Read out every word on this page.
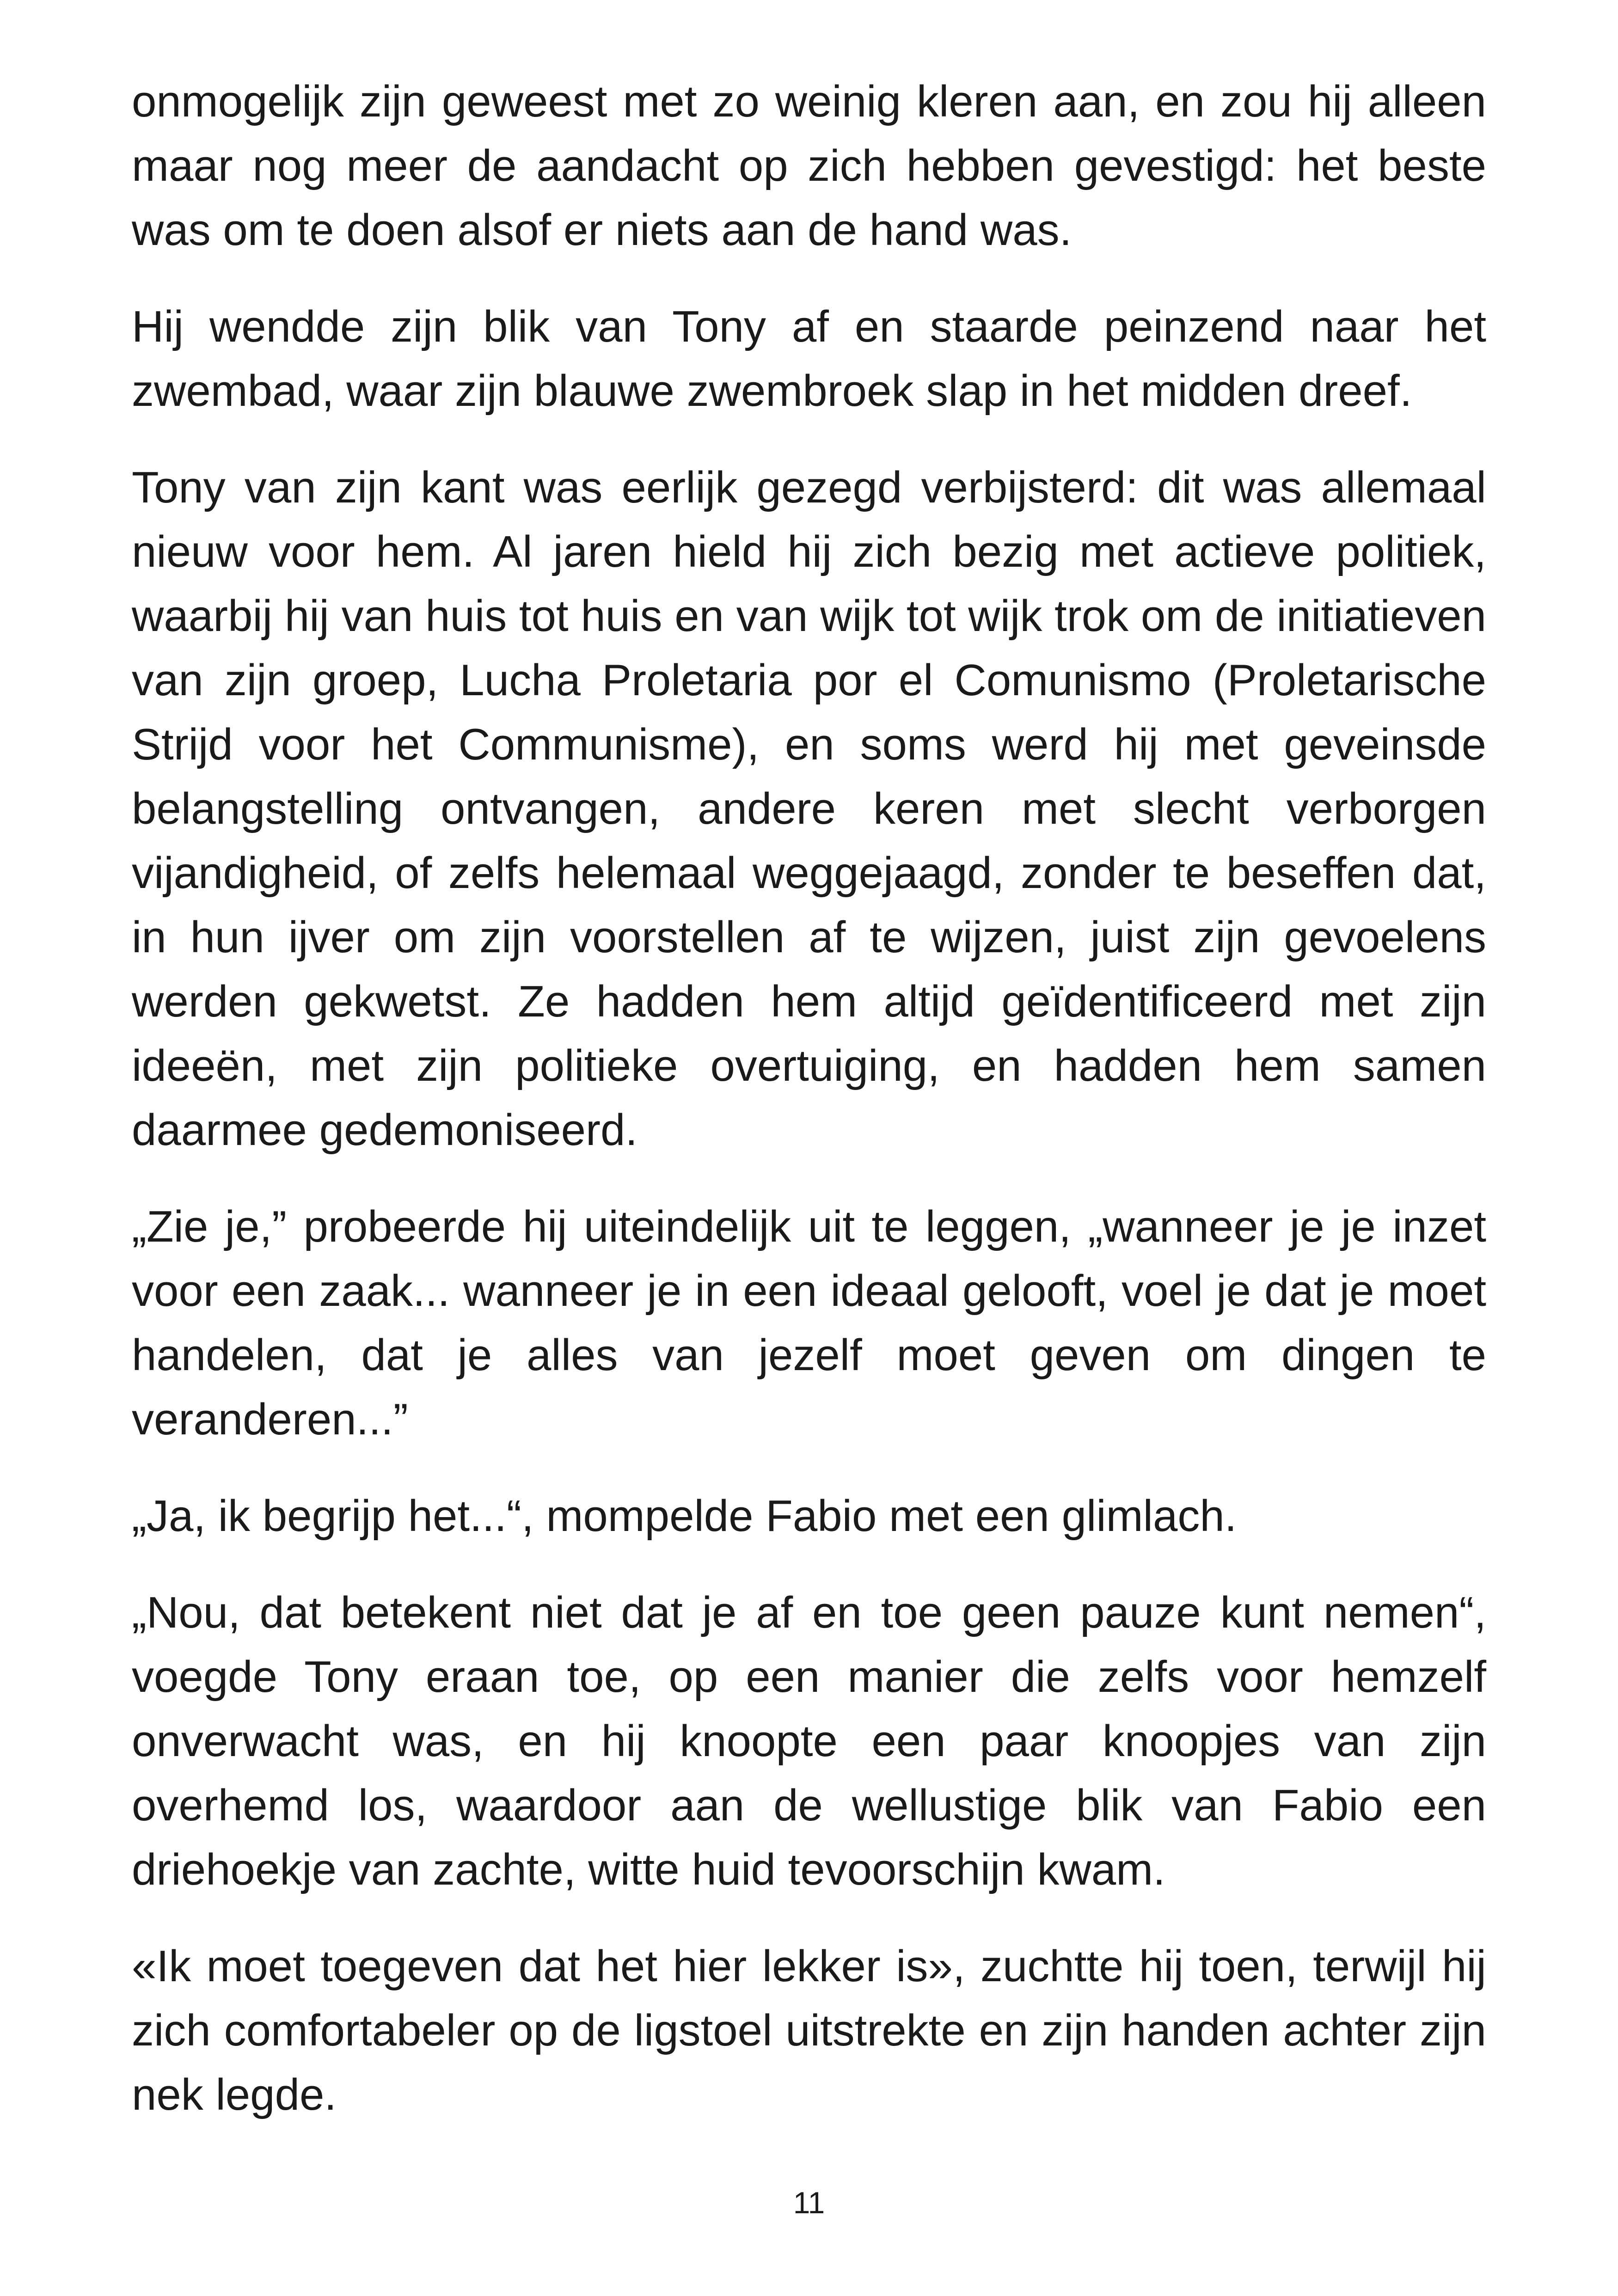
onmogelijk zijn geweest met zo weinig kleren aan, en zou hij alleen maar nog meer de aandacht op zich hebben gevestigd: het beste was om te doen alsof er niets aan de hand was.

Hij wendde zijn blik van Tony af en staarde peinzend naar het zwembad, waar zijn blauwe zwembroek slap in het midden dreef.

Tony van zijn kant was eerlijk gezegd verbijsterd: dit was allemaal nieuw voor hem. Al jaren hield hij zich bezig met actieve politiek, waarbij hij van huis tot huis en van wijk tot wijk trok om de initiatieven van zijn groep, Lucha Proletaria por el Comunismo (Proletarische Strijd voor het Communisme), en soms werd hij met geveinsde belangstelling ontvangen, andere keren met slecht verborgen vijandigheid, of zelfs helemaal weggejaagd, zonder te beseffen dat, in hun ijver om zijn voorstellen af te wijzen, juist zijn gevoelens werden gekwetst. Ze hadden hem altijd geïdentificeerd met zijn ideeën, met zijn politieke overtuiging, en hadden hem samen daarmee gedemoniseerd.

„Zie je,” probeerde hij uiteindelijk uit te leggen, „wanneer je je inzet voor een zaak... wanneer je in een ideaal gelooft, voel je dat je moet handelen, dat je alles van jezelf moet geven om dingen te veranderen...”

„Ja, ik begrijp het...“, mompelde Fabio met een glimlach.

„Nou, dat betekent niet dat je af en toe geen pauze kunt nemen“, voegde Tony eraan toe, op een manier die zelfs voor hemzelf onverwacht was, en hij knoopte een paar knoopjes van zijn overhemd los, waardoor aan de wellustige blik van Fabio een driehoekje van zachte, witte huid tevoorschijn kwam.

«Ik moet toegeven dat het hier lekker is», zuchtte hij toen, terwijl hij zich comfortabeler op de ligstoel uitstrekte en zijn handen achter zijn nek legde.

11
